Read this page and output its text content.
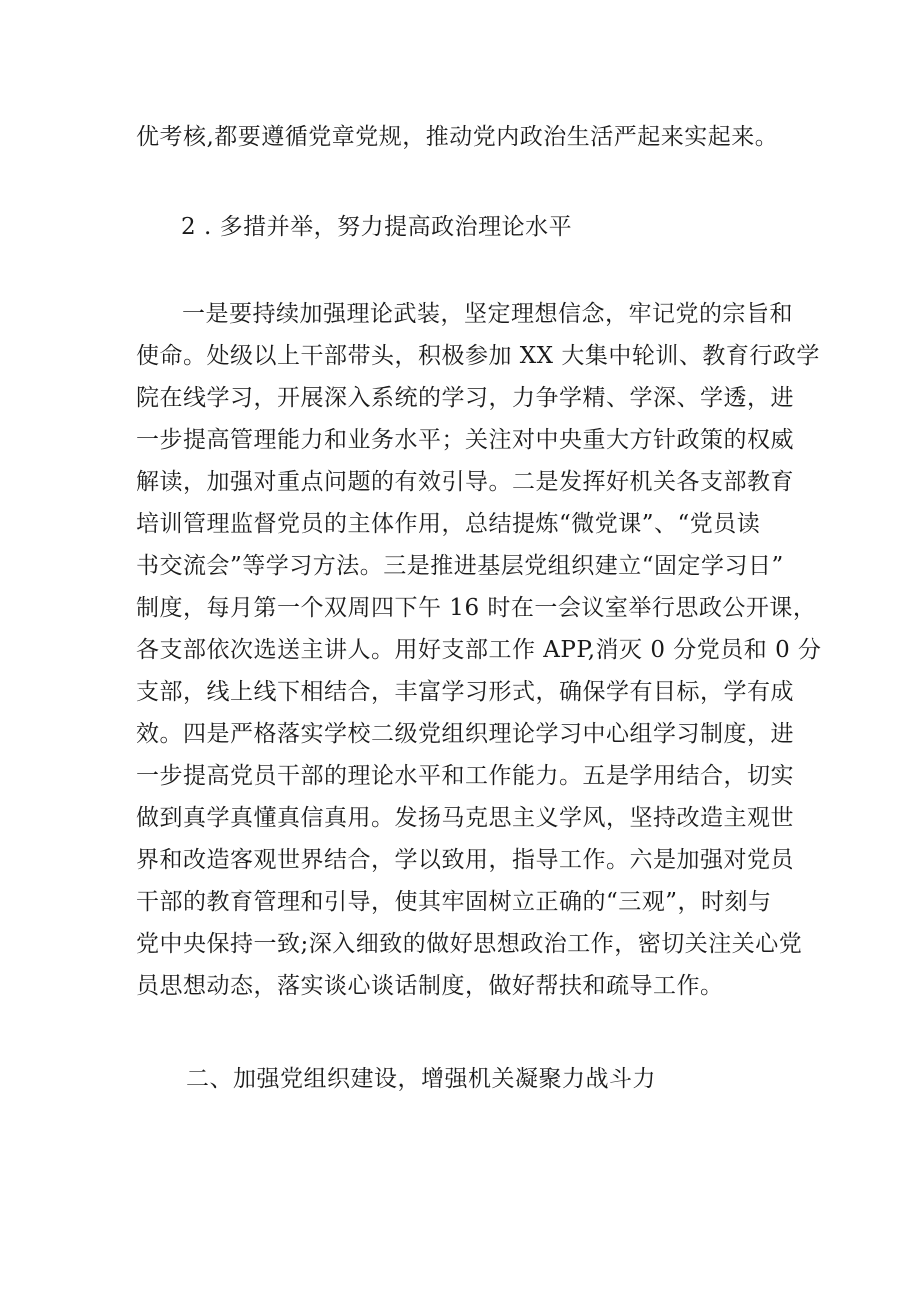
优考核,都要遵循党章党规，推动党内政治生活严起来实起来。
2 . 多措并举，努力提高政治理论水平
一是要持续加强理论武装，坚定理想信念，牢记党的宗旨和
使命。处级以上干部带头，积极参加 XX 大集中轮训、教育行政学
院在线学习，开展深入系统的学习，力争学精、学深、学透，进
一步提高管理能力和业务水平；关注对中央重大方针政策的权威
解读，加强对重点问题的有效引导。二是发挥好机关各支部教育
培训管理监督党员的主体作用，总结提炼“微党课”、“党员读
书交流会”等学习方法。三是推进基层党组织建立“固定学习日”
制度，每月第一个双周四下午 16 时在一会议室举行思政公开课，
各支部依次选送主讲人。用好支部工作 APP,消灭 0 分党员和 0 分
支部，线上线下相结合，丰富学习形式，确保学有目标，学有成
效。四是严格落实学校二级党组织理论学习中心组学习制度，进
一步提高党员干部的理论水平和工作能力。五是学用结合，切实
做到真学真懂真信真用。发扬马克思主义学风，坚持改造主观世
界和改造客观世界结合，学以致用，指导工作。六是加强对党员
干部的教育管理和引导，使其牢固树立正确的“三观”，时刻与
党中央保持一致;深入细致的做好思想政治工作，密切关注关心党
员思想动态，落实谈心谈话制度，做好帮扶和疏导工作。
二、加强党组织建设，增强机关凝聚力战斗力
